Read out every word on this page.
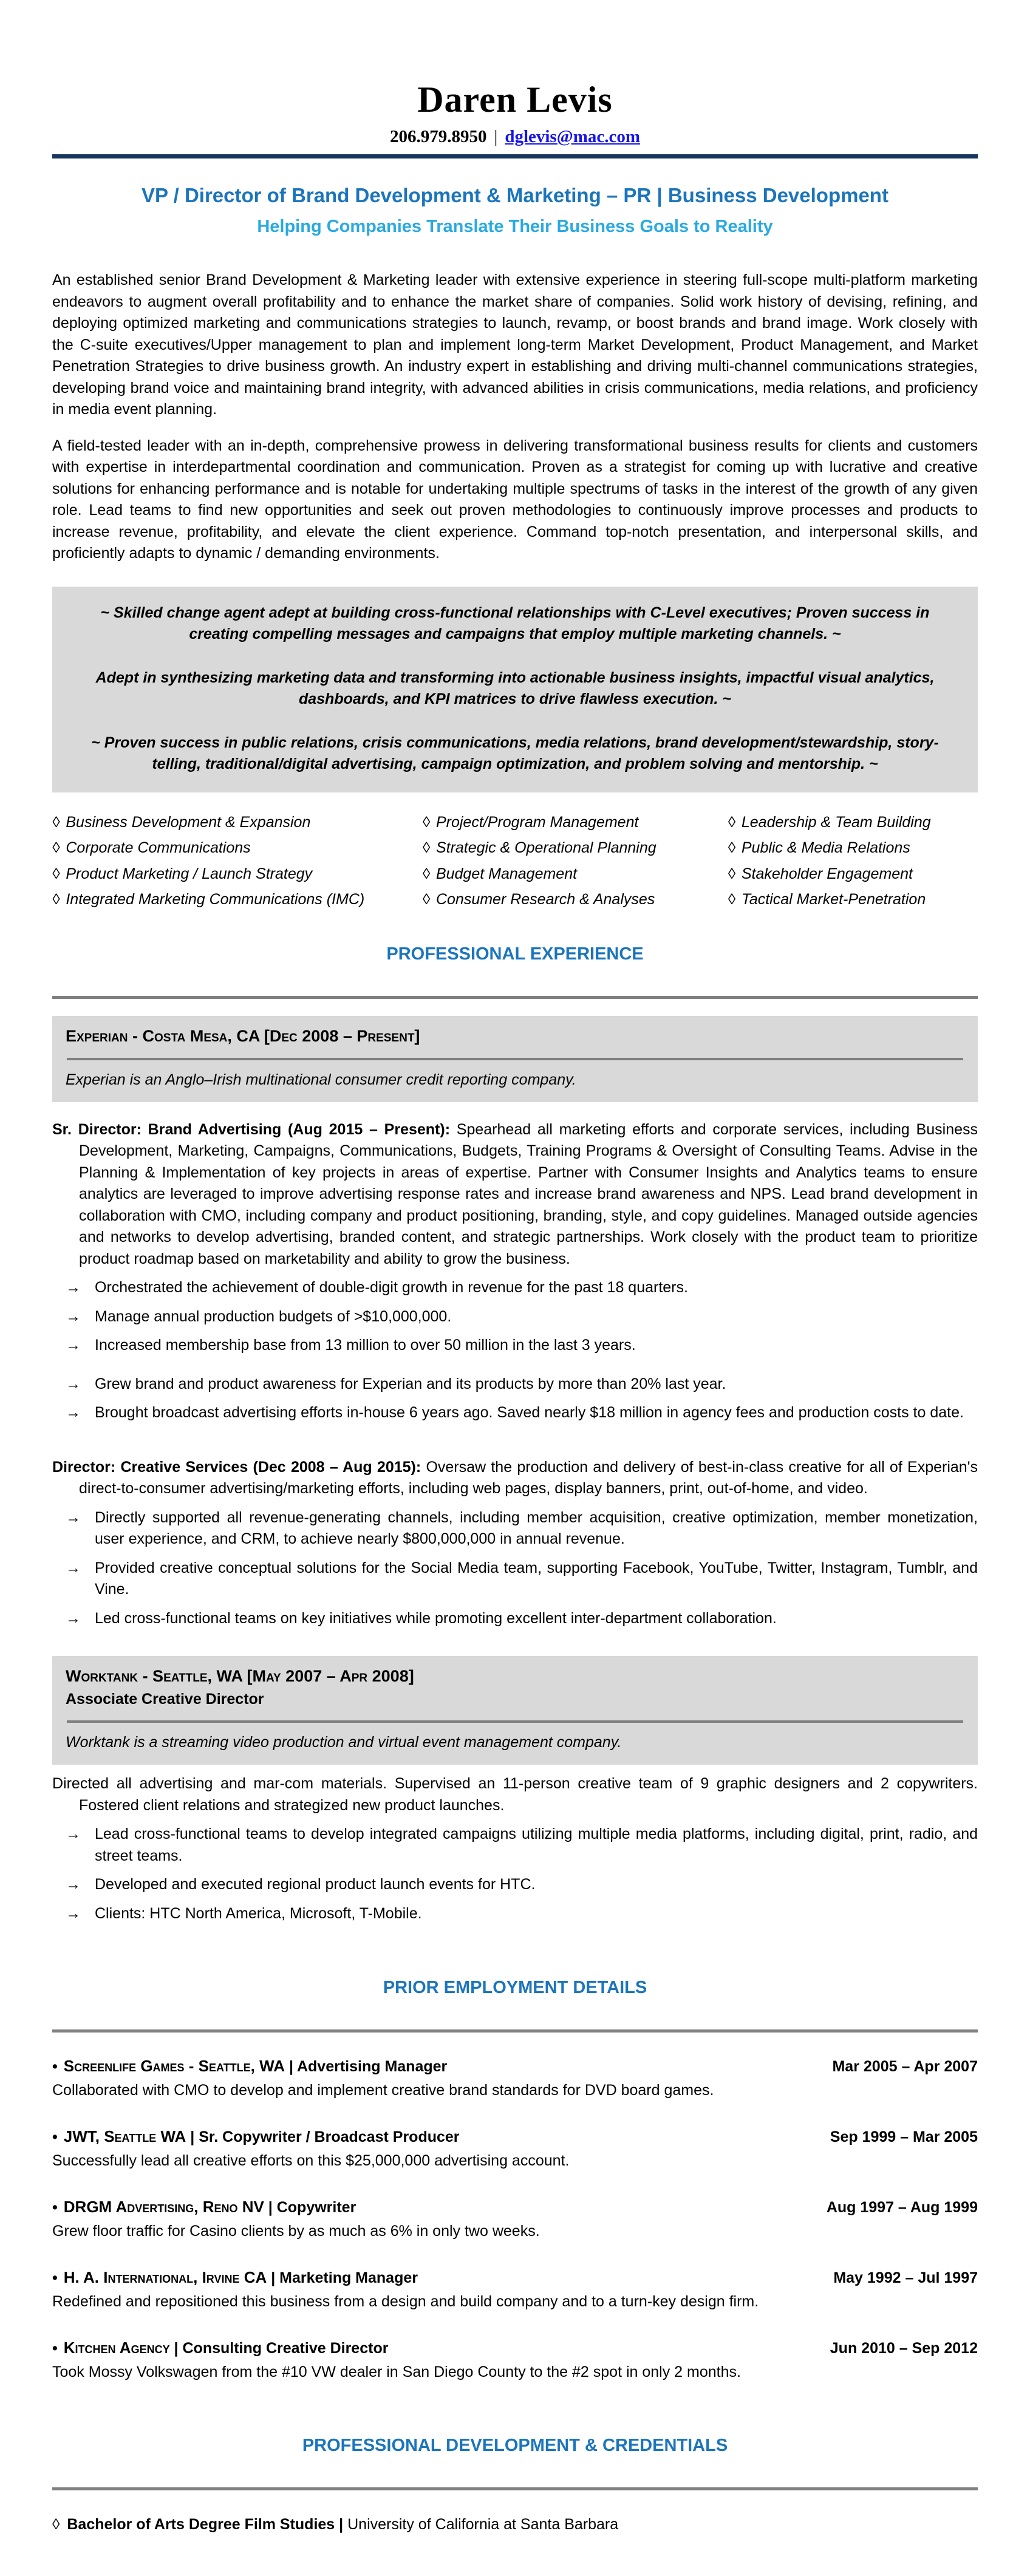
Daren Levis
206.979.8950 | dglevis@mac.com
VP / Director of Brand Development & Marketing – PR | Business Development
Helping Companies Translate Their Business Goals to Reality

An established senior Brand Development & Marketing leader with extensive experience in steering full-scope multi-platform marketing endeavors to augment overall profitability and to enhance the market share of companies. Solid work history of devising, refining, and deploying optimized marketing and communications strategies to launch, revamp, or boost brands and brand image. Work closely with the C-suite executives/Upper management to plan and implement long-term Market Development, Product Management, and Market Penetration Strategies to drive business growth. An industry expert in establishing and driving multi-channel communications strategies, developing brand voice and maintaining brand integrity, with advanced abilities in crisis communications, media relations, and proficiency in media event planning.

A field-tested leader with an in-depth, comprehensive prowess in delivering transformational business results for clients and customers with expertise in interdepartmental coordination and communication. Proven as a strategist for coming up with lucrative and creative solutions for enhancing performance and is notable for undertaking multiple spectrums of tasks in the interest of the growth of any given role. Lead teams to find new opportunities and seek out proven methodologies to continuously improve processes and products to increase revenue, profitability, and elevate the client experience. Command top-notch presentation, and interpersonal skills, and proficiently adapts to dynamic / demanding environments.

~ Skilled change agent adept at building cross-functional relationships with C-Level executives; Proven success in creating compelling messages and campaigns that employ multiple marketing channels. ~

Adept in synthesizing marketing data and transforming into actionable business insights, impactful visual analytics, dashboards, and KPI matrices to drive flawless execution. ~

~ Proven success in public relations, crisis communications, media relations, brand development/stewardship, story-telling, traditional/digital advertising, campaign optimization, and problem solving and mentorship. ~

◊ Business Development & Expansion
◊ Corporate Communications
◊ Product Marketing / Launch Strategy
◊ Integrated Marketing Communications (IMC)
◊ Project/Program Management
◊ Strategic & Operational Planning
◊ Budget Management
◊ Consumer Research & Analyses
◊ Leadership & Team Building
◊ Public & Media Relations
◊ Stakeholder Engagement
◊ Tactical Market-Penetration
PROFESSIONAL EXPERIENCE
Experian - Costa Mesa, CA [Dec 2008 – Present]
Experian is an Anglo–Irish multinational consumer credit reporting company.

Sr. Director: Brand Advertising (Aug 2015 – Present): Spearhead all marketing efforts and corporate services, including Business Development, Marketing, Campaigns, Communications, Budgets, Training Programs & Oversight of Consulting Teams. Advise in the Planning & Implementation of key projects in areas of expertise. Partner with Consumer Insights and Analytics teams to ensure analytics are leveraged to improve advertising response rates and increase brand awareness and NPS. Lead brand development in collaboration with CMO, including company and product positioning, branding, style, and copy guidelines. Managed outside agencies and networks to develop advertising, branded content, and strategic partnerships. Work closely with the product team to prioritize product roadmap based on marketability and ability to grow the business.

→ Orchestrated the achievement of double-digit growth in revenue for the past 18 quarters.
→ Manage annual production budgets of >$10,000,000.
→ Increased membership base from 13 million to over 50 million in the last 3 years.
→ Grew brand and product awareness for Experian and its products by more than 20% last year.
→ Brought broadcast advertising efforts in-house 6 years ago. Saved nearly $18 million in agency fees and production costs to date.

Director: Creative Services (Dec 2008 – Aug 2015): Oversaw the production and delivery of best-in-class creative for all of Experian's direct-to-consumer advertising/marketing efforts, including web pages, display banners, print, out-of-home, and video.

→ Directly supported all revenue-generating channels, including member acquisition, creative optimization, member monetization, user experience, and CRM, to achieve nearly $800,000,000 in annual revenue.
→ Provided creative conceptual solutions for the Social Media team, supporting Facebook, YouTube, Twitter, Instagram, Tumblr, and Vine.
→ Led cross-functional teams on key initiatives while promoting excellent inter-department collaboration.
Worktank - Seattle, WA [May 2007 – Apr 2008]
Associate Creative Director
Worktank is a streaming video production and virtual event management company.

Directed all advertising and mar-com materials. Supervised an 11-person creative team of 9 graphic designers and 2 copywriters. Fostered client relations and strategized new product launches.

→ Lead cross-functional teams to develop integrated campaigns utilizing multiple media platforms, including digital, print, radio, and street teams.
→ Developed and executed regional product launch events for HTC.
→ Clients: HTC North America, Microsoft, T-Mobile.
PRIOR EMPLOYMENT DETAILS
• Screenlife Games - Seattle, WA | Advertising Manager	Mar 2005 – Apr 2007
Collaborated with CMO to develop and implement creative brand standards for DVD board games.
• JWT, Seattle WA | Sr. Copywriter / Broadcast Producer	Sep 1999 – Mar 2005
Successfully lead all creative efforts on this $25,000,000 advertising account.
• DRGM Advertising, Reno NV | Copywriter	Aug 1997 – Aug 1999
Grew floor traffic for Casino clients by as much as 6% in only two weeks.
• H. A. International, Irvine CA | Marketing Manager	May 1992 – Jul 1997
Redefined and repositioned this business from a design and build company and to a turn-key design firm.
• Kitchen Agency | Consulting Creative Director	Jun 2010 – Sep 2012
Took Mossy Volkswagen from the #10 VW dealer in San Diego County to the #2 spot in only 2 months.
PROFESSIONAL DEVELOPMENT & CREDENTIALS
◊ Bachelor of Arts Degree Film Studies | University of California at Santa Barbara
